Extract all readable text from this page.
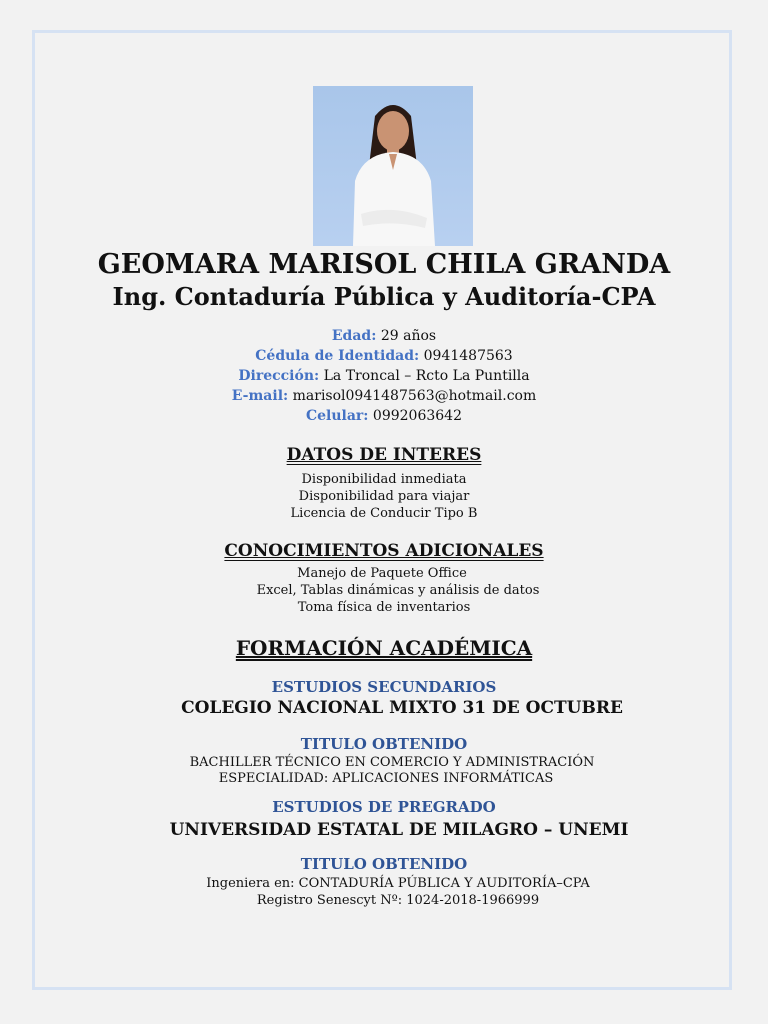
GEOMARA MARISOL CHILA GRANDA
Ing. Contaduría Pública y Auditoría-CPA
Edad: 29 años
Cédula de Identidad: 0941487563
Dirección: La Troncal – Rcto La Puntilla
E-mail: marisol0941487563@hotmail.com
Celular: 0992063642
DATOS DE INTERES
Disponibilidad inmediata
Disponibilidad para viajar
Licencia de Conducir Tipo B
CONOCIMIENTOS ADICIONALES
Manejo de Paquete Office
Excel, Tablas dinámicas y análisis de datos
Toma física de inventarios
FORMACIÓN ACADÉMICA
ESTUDIOS SECUNDARIOS
COLEGIO NACIONAL MIXTO 31 DE OCTUBRE
TITULO OBTENIDO
BACHILLER TÉCNICO EN COMERCIO Y ADMINISTRACIÓN
ESPECIALIDAD: APLICACIONES INFORMÁTICAS
ESTUDIOS DE PREGRADO
UNIVERSIDAD ESTATAL DE MILAGRO – UNEMI
TITULO OBTENIDO
Ingeniera en: CONTADURÍA PÚBLICA Y AUDITORÍA–CPA
Registro Senescyt Nº: 1024-2018-1966999
